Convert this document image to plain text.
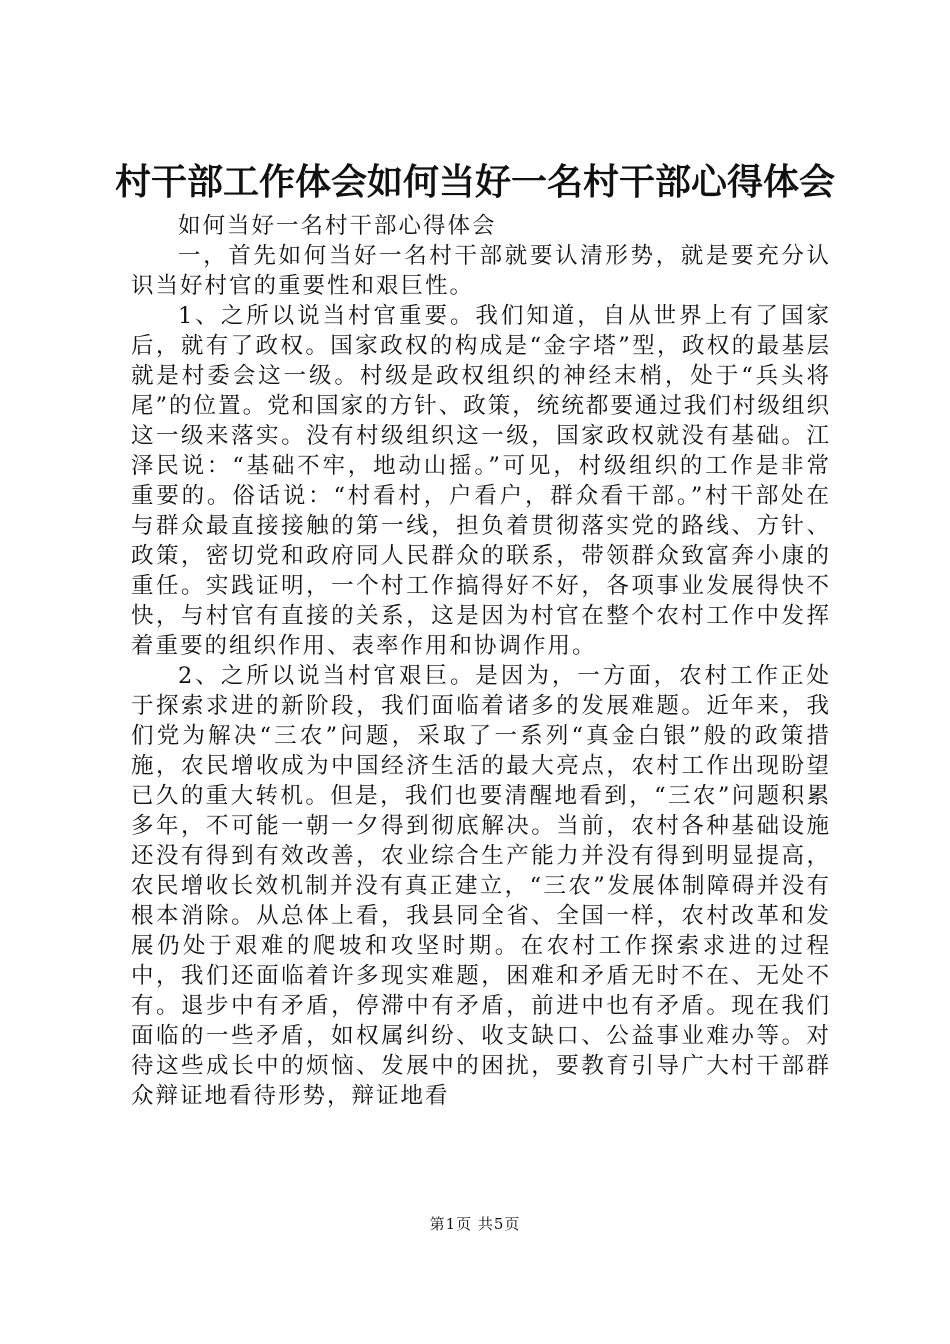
村干部工作体会如何当好一名村干部心得体会

如何当好一名村干部心得体会

一，首先如何当好一名村干部就要认清形势，就是要充分认识当好村官的重要性和艰巨性。

1、之所以说当村官重要。我们知道，自从世界上有了国家后，就有了政权。国家政权的构成是“金字塔”型，政权的最基层就是村委会这一级。村级是政权组织的神经末梢，处于“兵头将尾”的位置。党和国家的方针、政策，统统都要通过我们村级组织这一级来落实。没有村级组织这一级，国家政权就没有基础。江泽民说：“基础不牢，地动山摇。”可见，村级组织的工作是非常重要的。俗话说：“村看村，户看户，群众看干部。”村干部处在与群众最直接接触的第一线，担负着贯彻落实党的路线、方针、政策，密切党和政府同人民群众的联系，带领群众致富奔小康的重任。实践证明，一个村工作搞得好不好，各项事业发展得快不快，与村官有直接的关系，这是因为村官在整个农村工作中发挥着重要的组织作用、表率作用和协调作用。

2、之所以说当村官艰巨。是因为，一方面，农村工作正处于探索求进的新阶段，我们面临着诸多的发展难题。近年来，我们党为解决“三农”问题，采取了一系列“真金白银”般的政策措施，农民增收成为中国经济生活的最大亮点，农村工作出现盼望已久的重大转机。但是，我们也要清醒地看到，“三农”问题积累多年，不可能一朝一夕得到彻底解决。当前，农村各种基础设施还没有得到有效改善，农业综合生产能力并没有得到明显提高，农民增收长效机制并没有真正建立，“三农”发展体制障碍并没有根本消除。从总体上看，我县同全省、全国一样，农村改革和发展仍处于艰难的爬坡和攻坚时期。在农村工作探索求进的过程中，我们还面临着许多现实难题，困难和矛盾无时不在、无处不有。退步中有矛盾，停滞中有矛盾，前进中也有矛盾。现在我们面临的一些矛盾，如权属纠纷、收支缺口、公益事业难办等。对待这些成长中的烦恼、发展中的困扰，要教育引导广大村干部群众辩证地看待形势，辩证地看

第1页 共5页
